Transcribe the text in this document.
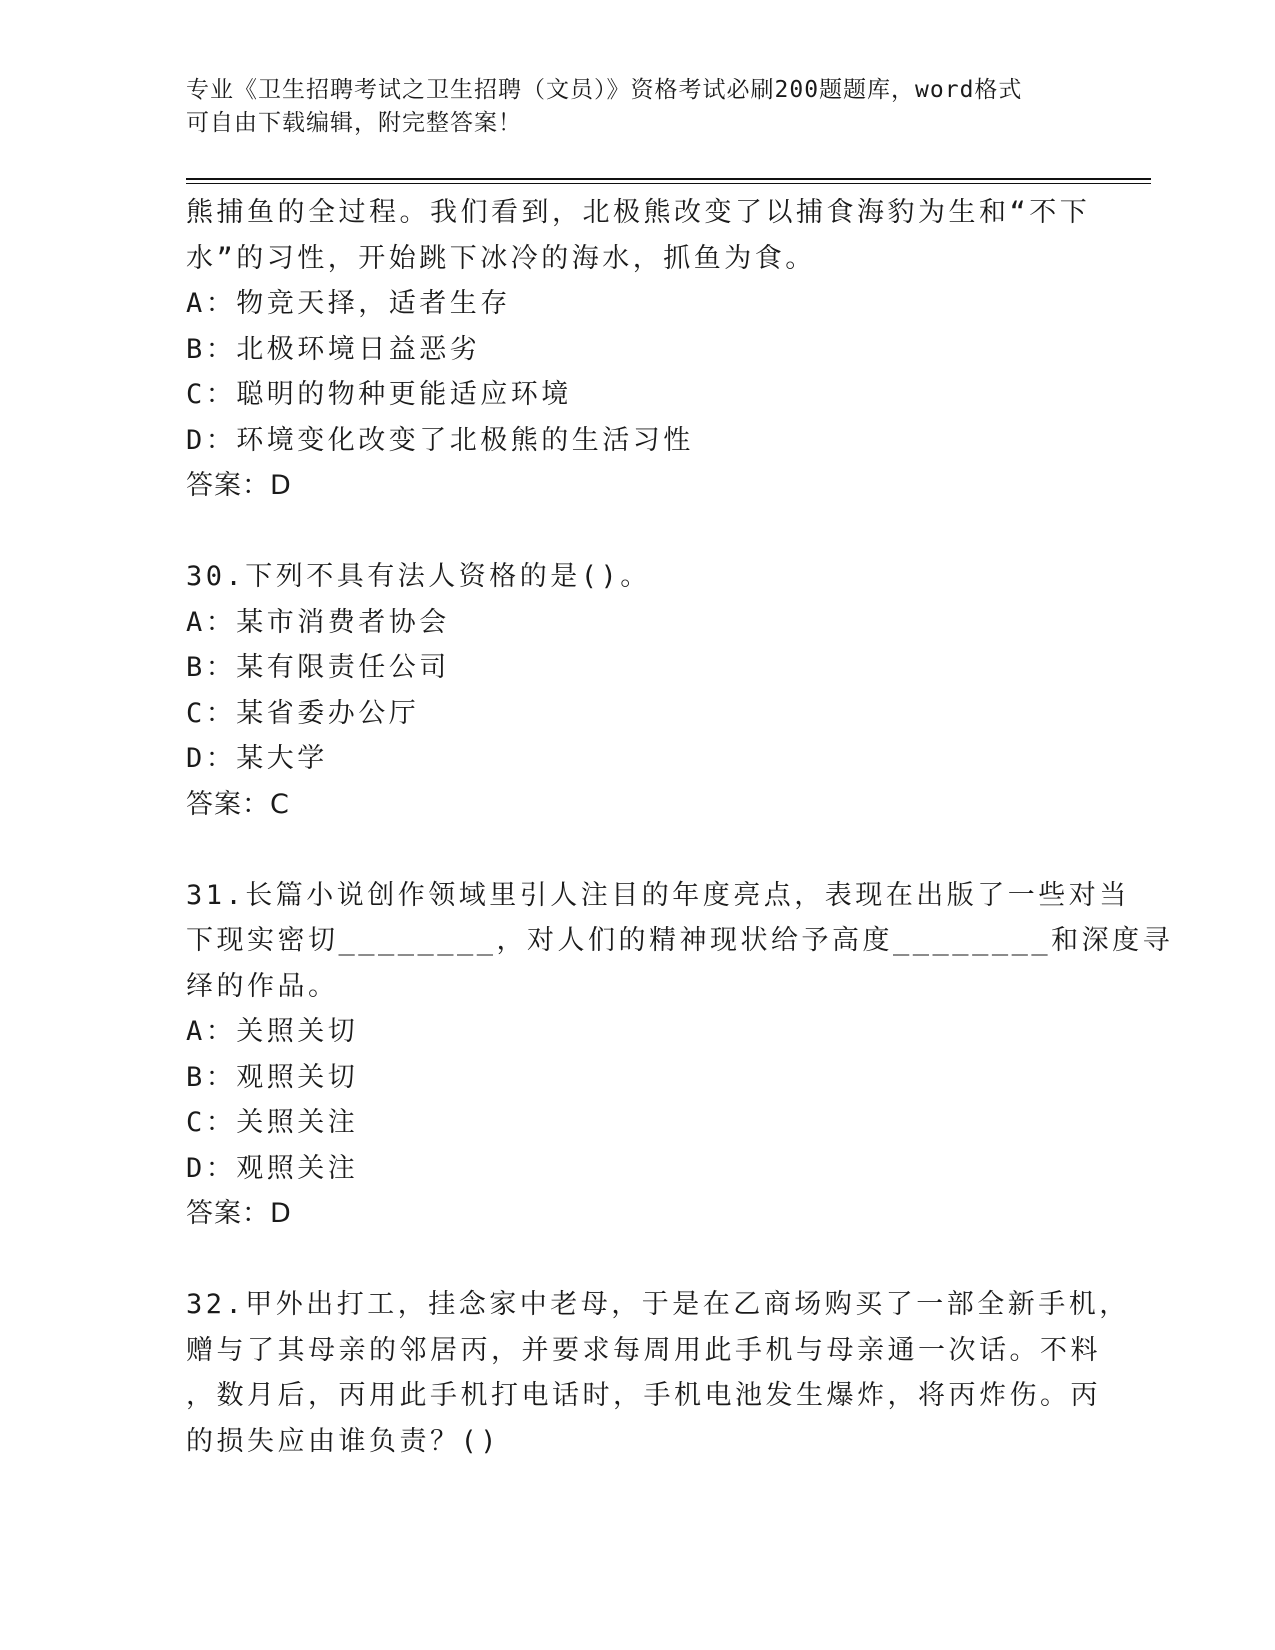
专业《卫生招聘考试之卫生招聘（文员）》资格考试必刷200题题库，word格式
可自由下载编辑，附完整答案！
熊捕鱼的全过程。我们看到，北极熊改变了以捕食海豹为生和“不下
水”的习性，开始跳下冰冷的海水，抓鱼为食。
A：物竞天择，适者生存
B：北极环境日益恶劣
C：聪明的物种更能适应环境
D：环境变化改变了北极熊的生活习性
答案：D
30.下列不具有法人资格的是()。
A：某市消费者协会
B：某有限责任公司
C：某省委办公厅
D：某大学
答案：C
31.长篇小说创作领域里引人注目的年度亮点，表现在出版了一些对当
下现实密切________，对人们的精神现状给予高度________和深度寻
绎的作品。
A：关照关切
B：观照关切
C：关照关注
D：观照关注
答案：D
32.甲外出打工，挂念家中老母，于是在乙商场购买了一部全新手机，
赠与了其母亲的邻居丙，并要求每周用此手机与母亲通一次话。不料
，数月后，丙用此手机打电话时，手机电池发生爆炸，将丙炸伤。丙
的损失应由谁负责？()
